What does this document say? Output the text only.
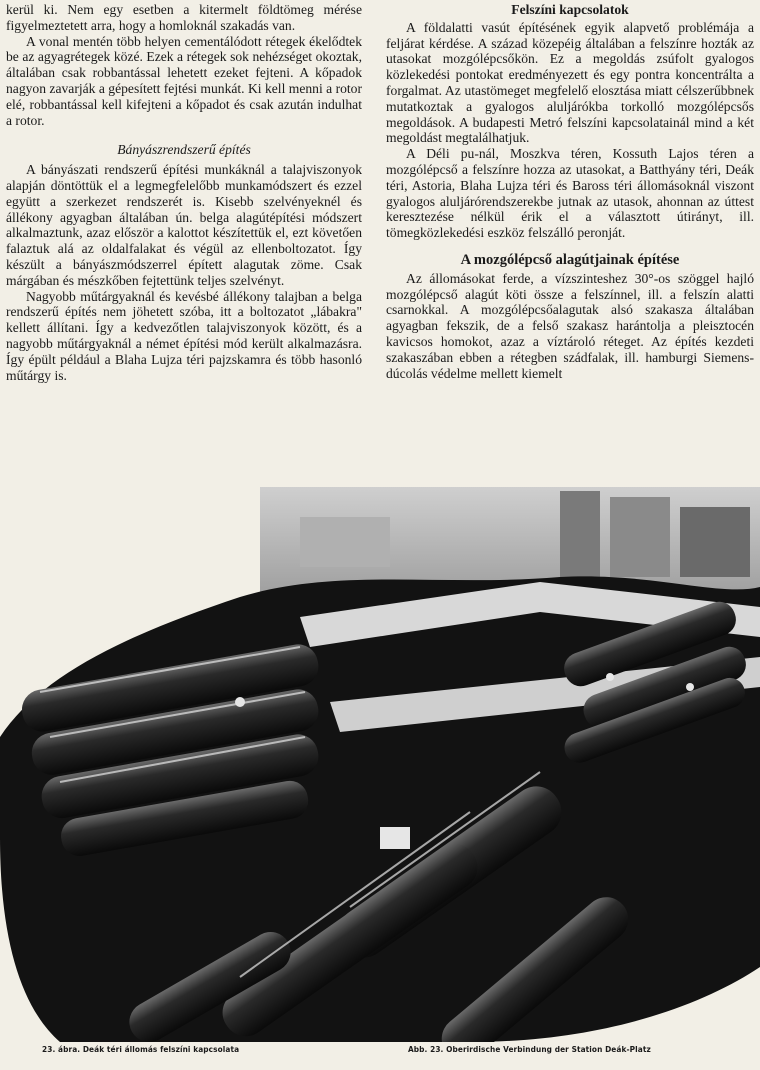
kerül ki. Nem egy esetben a kitermelt földtömeg mérése figyelmeztetett arra, hogy a homloknál szakadás van.

A vonal mentén több helyen cementálódott rétegek ékelődtek be az agyagrétegek közé. Ezek a rétegek sok nehézséget okoztak, általában csak robbantással lehetett ezeket fejteni. A kőpadok nagyon zavarják a gépesített fejtési munkát. Ki kell menni a rotor elé, robbantással kell kifejteni a kőpadot és csak azután indulhat a rotor.

Bányászrendszerű építés

A bányászati rendszerű építési munkáknál a talajviszonyok alapján döntöttük el a legmegfelelőbb munkamódszert és ezzel együtt a szerkezet rendszerét is. Kisebb szelvényeknél és állékony agyagban általában ún. belga alagútépítési módszert alkalmaztunk, azaz először a kalottot készítettük el, ezt követően falaztuk alá az oldalfalakat és végül az ellenboltozatot. Így készült a bányászmódszerrel épített alagutak zöme. Csak márgában és mészkőben fejtettünk teljes szelvényt.

Nagyobb műtárgyaknál és kevésbé állékony talajban a belga rendszerű építés nem jöhetett szóba, itt a boltozatot „lábakra" kellett állítani. Így a kedvezőtlen talajviszonyok között, és a nagyobb műtárgyaknál a német építési mód került alkalmazásra. Így épült például a Blaha Lujza téri pajzskamra és több hasonló műtárgy is.

Felszíni kapcsolatok

A földalatti vasút építésének egyik alapvető problémája a feljárat kérdése. A század közepéig általában a felszínre hozták az utasokat mozgólépcsőkön. Ez a megoldás zsúfolt gyalogos közlekedési pontokat eredményezett és egy pontra koncentrálta a forgalmat. Az utastömeget megfelelő elosztása miatt célszerűbbnek mutatkoztak a gyalogos aluljárókba torkolló mozgólépcsős megoldások. A budapesti Metró felszíni kapcsolatainál mind a két megoldást megtalálhatjuk.

A Déli pu-nál, Moszkva téren, Kossuth Lajos téren a mozgólépcső a felszínre hozza az utasokat, a Batthyány téri, Deák téri, Astoria, Blaha Lujza téri és Baross téri állomásoknál viszont gyalogos aluljárórendszerekbe jutnak az utasok, ahonnan az úttest keresztezése nélkül érik el a választott útirányt, ill. tömegközlekedési eszköz felszálló peronját.

A mozgólépcső alagútjainak építése

Az állomásokat ferde, a vízszinteshez 30°-os szöggel hajló mozgólépcső alagút köti össze a felszínnel, ill. a felszín alatti csarnokkal. A mozgólépcsőalagutak alsó szakasza általában agyagban fekszik, de a felső szakasz harántolja a pleisztocén kavicsos homokot, azaz a víztároló réteget. Az építés kezdeti szakaszában ebben a rétegben szádfalak, ill. hamburgi Siemens-dúcolás védelme mellett kiemelt

23. ábra. Deák téri állomás felszíni kapcsolata	Abb. 23. Oberirdische Verbindung der Station Deák-Platz
